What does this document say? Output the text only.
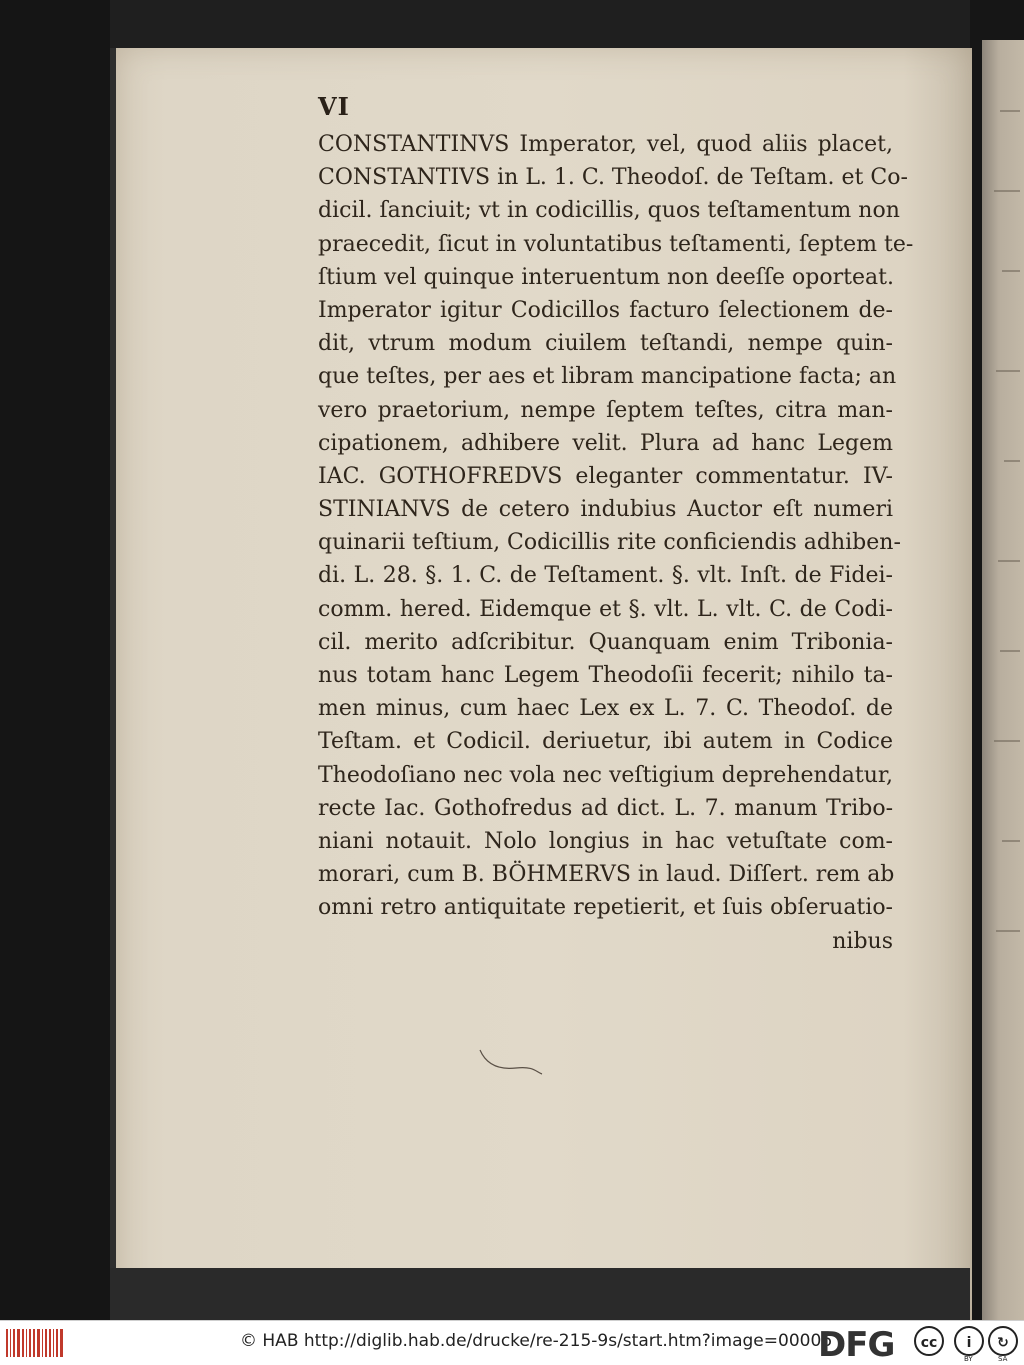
VI
CONSTANTINVS Imperator, vel, quod aliis placet,
CONSTANTIVS in L. 1. C. Theodoſ. de Teſtam. et Co-
dicil. ſanciuit; vt in codicillis, quos teſtamentum non
praecedit, ſicut in voluntatibus teſtamenti, ſeptem te-
ſtium vel quinque interuentum non deeſſe oporteat.
Imperator igitur Codicillos facturo ſelectionem de-
dit, vtrum modum ciuilem teſtandi, nempe quin-
que teſtes, per aes et libram mancipatione facta; an
vero praetorium, nempe ſeptem teſtes, citra man-
cipationem, adhibere velit. Plura ad hanc Legem
IAC. GOTHOFREDVS eleganter commentatur. IV-
STINIANVS de cetero indubius Auctor eſt numeri
quinarii teſtium, Codicillis rite conficiendis adhiben-
di. L. 28. §. 1. C. de Teſtament. §. vlt. Inſt. de Fidei-
comm. hered. Eidemque et §. vlt. L. vlt. C. de Codi-
cil. merito adſcribitur. Quanquam enim Tribonia-
nus totam hanc Legem Theodoſii fecerit; nihilo ta-
men minus, cum haec Lex ex L. 7. C. Theodoſ. de
Teſtam. et Codicil. deriuetur, ibi autem in Codice
Theodoſiano nec vola nec veſtigium deprehendatur,
recte Iac. Gothofredus ad dict. L. 7. manum Tribo-
niani notauit. Nolo longius in hac vetuſtate com-
morari, cum B. BÖHMERVS in laud. Diſſert. rem ab
omni retro antiquitate repetierit, et ſuis obſeruatio-
nibus
© HAB http://diglib.hab.de/drucke/re-215-9s/start.htm?image=00006
DFG	cc	i
BY
↻
SA
